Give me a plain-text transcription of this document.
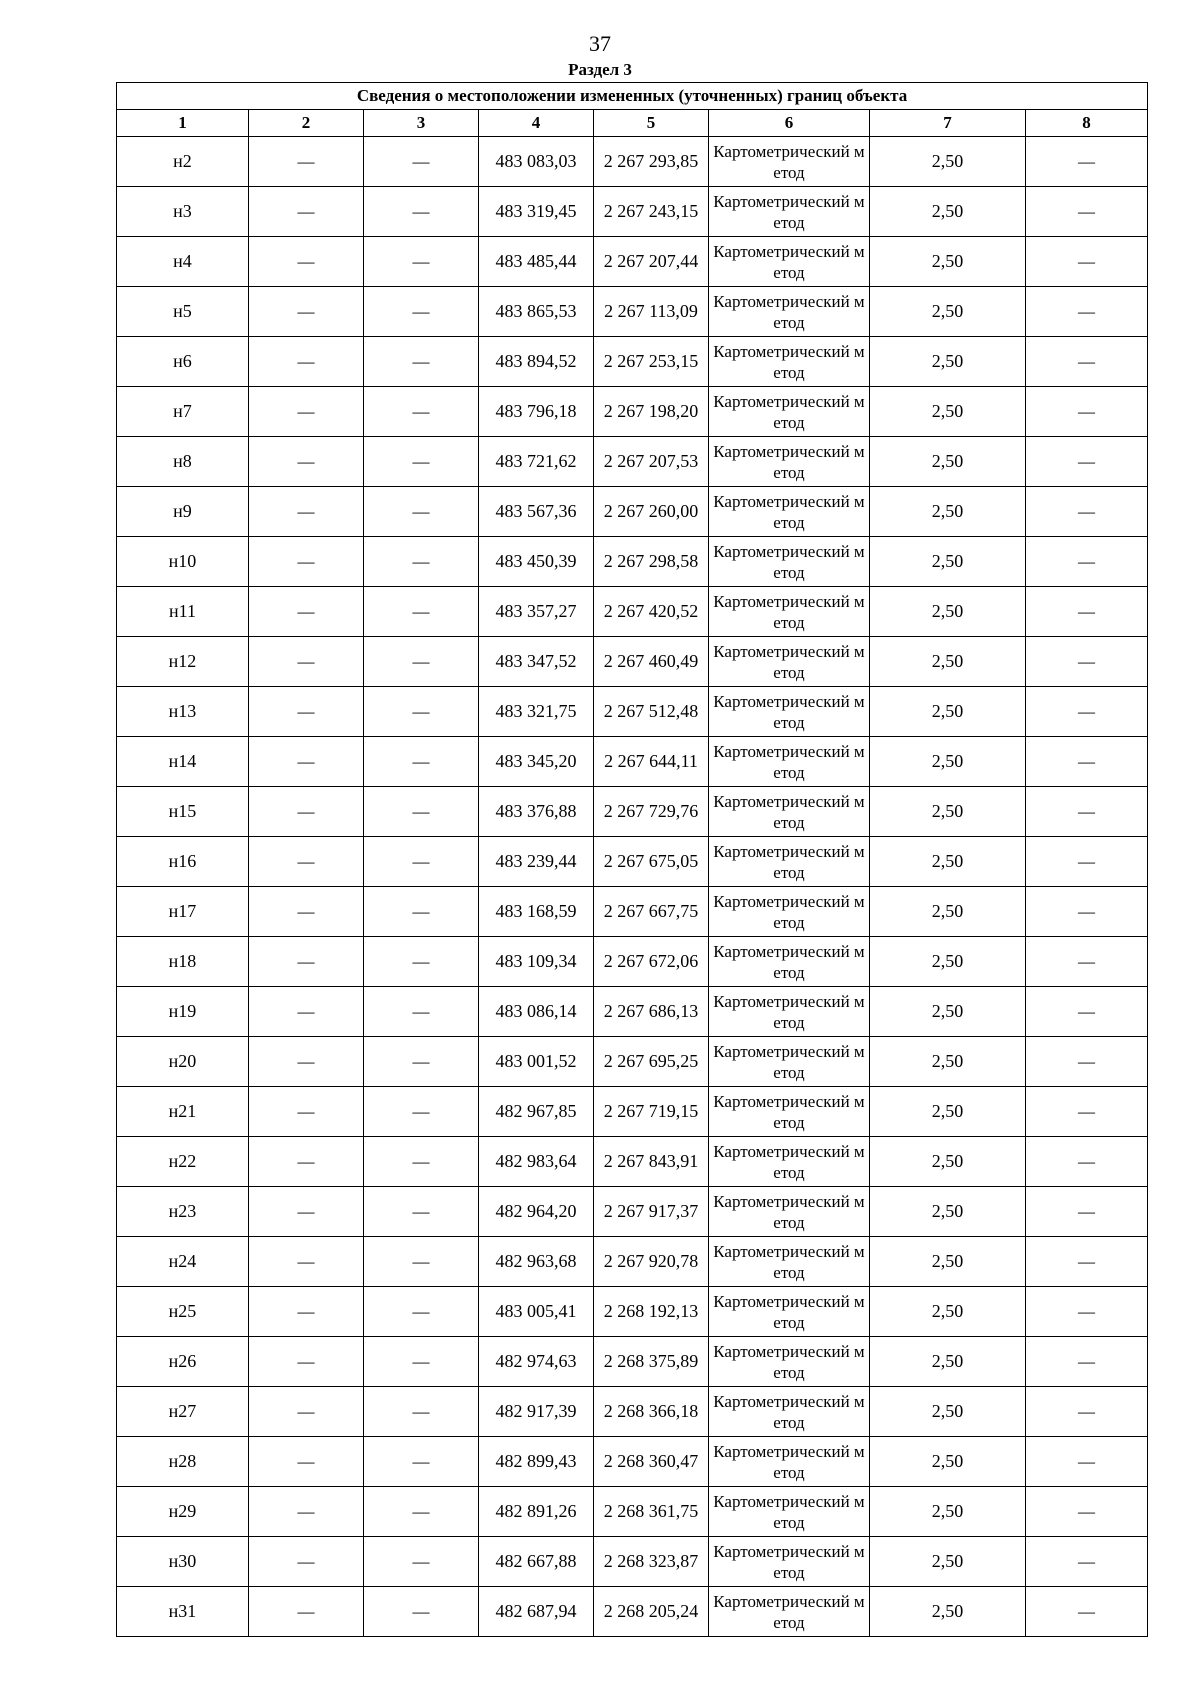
37
Раздел 3
Сведения о местоположении измененных (уточненных) границ объекта							
1	2	3	4	5	6	7	8
н2	—	—	483 083,03	2 267 293,85	Картометрический метод	2,50	—
н3	—	—	483 319,45	2 267 243,15	Картометрический метод	2,50	—
н4	—	—	483 485,44	2 267 207,44	Картометрический метод	2,50	—
н5	—	—	483 865,53	2 267 113,09	Картометрический метод	2,50	—
н6	—	—	483 894,52	2 267 253,15	Картометрический метод	2,50	—
н7	—	—	483 796,18	2 267 198,20	Картометрический метод	2,50	—
н8	—	—	483 721,62	2 267 207,53	Картометрический метод	2,50	—
н9	—	—	483 567,36	2 267 260,00	Картометрический метод	2,50	—
н10	—	—	483 450,39	2 267 298,58	Картометрический метод	2,50	—
н11	—	—	483 357,27	2 267 420,52	Картометрический метод	2,50	—
н12	—	—	483 347,52	2 267 460,49	Картометрический метод	2,50	—
н13	—	—	483 321,75	2 267 512,48	Картометрический метод	2,50	—
н14	—	—	483 345,20	2 267 644,11	Картометрический метод	2,50	—
н15	—	—	483 376,88	2 267 729,76	Картометрический метод	2,50	—
н16	—	—	483 239,44	2 267 675,05	Картометрический метод	2,50	—
н17	—	—	483 168,59	2 267 667,75	Картометрический метод	2,50	—
н18	—	—	483 109,34	2 267 672,06	Картометрический метод	2,50	—
н19	—	—	483 086,14	2 267 686,13	Картометрический метод	2,50	—
н20	—	—	483 001,52	2 267 695,25	Картометрический метод	2,50	—
н21	—	—	482 967,85	2 267 719,15	Картометрический метод	2,50	—
н22	—	—	482 983,64	2 267 843,91	Картометрический метод	2,50	—
н23	—	—	482 964,20	2 267 917,37	Картометрический метод	2,50	—
н24	—	—	482 963,68	2 267 920,78	Картометрический метод	2,50	—
н25	—	—	483 005,41	2 268 192,13	Картометрический метод	2,50	—
н26	—	—	482 974,63	2 268 375,89	Картометрический метод	2,50	—
н27	—	—	482 917,39	2 268 366,18	Картометрический метод	2,50	—
н28	—	—	482 899,43	2 268 360,47	Картометрический метод	2,50	—
н29	—	—	482 891,26	2 268 361,75	Картометрический метод	2,50	—
н30	—	—	482 667,88	2 268 323,87	Картометрический метод	2,50	—
н31	—	—	482 687,94	2 268 205,24	Картометрический метод	2,50	—
